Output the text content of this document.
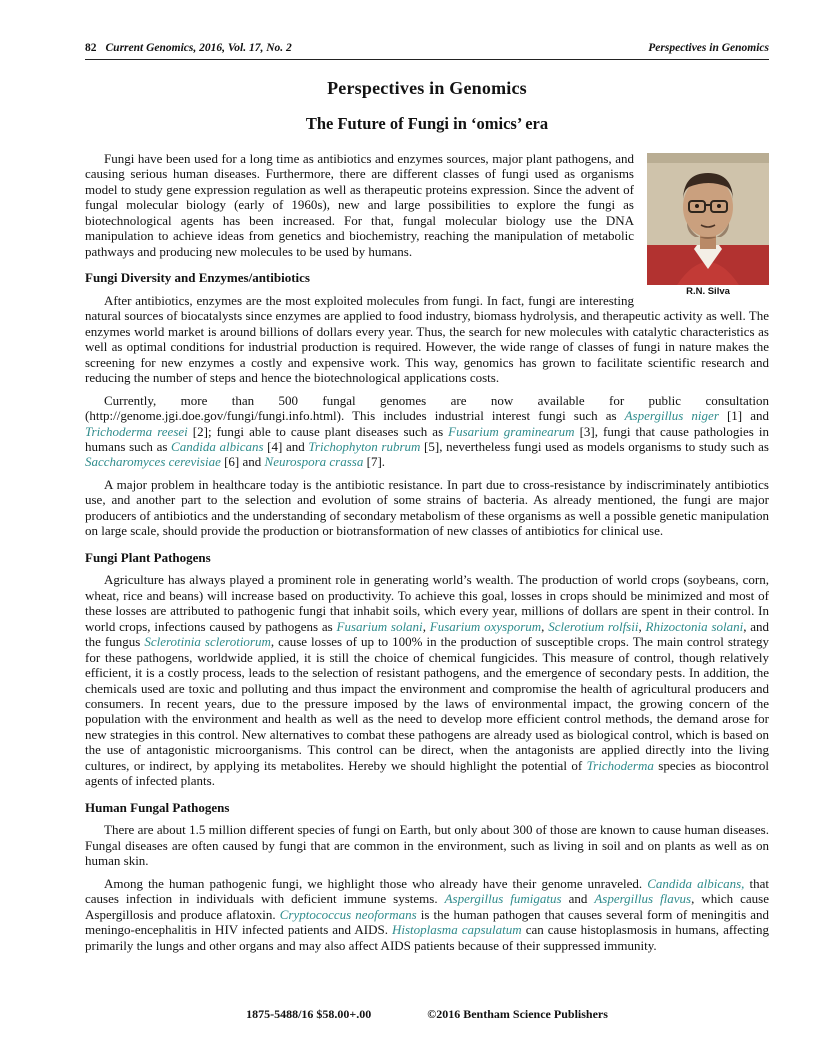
82 Current Genomics, 2016, Vol. 17, No. 2	Perspectives in Genomics
Perspectives in Genomics
The Future of Fungi in ‘omics’ era
R.N. Silva

Fungi have been used for a long time as antibiotics and enzymes sources, major plant pathogens, and causing serious human diseases. Furthermore, there are different classes of fungi used as organisms model to study gene expression regulation as well as therapeutic proteins expression. Since the advent of fungal molecular biology (early of 1960s), new and large possibilities to explore the fungi as biotechnological agents has been increased. For that, fungal molecular biology use the DNA manipulation to achieve ideas from genetics and biochemistry, reaching the manipulation of metabolic pathways and producing new molecules to be used by humans.

Fungi Diversity and Enzymes/antibiotics

After antibiotics, enzymes are the most exploited molecules from fungi. In fact, fungi are interesting natural sources of biocatalysts since enzymes are applied to food industry, biomass hydrolysis, and therapeutic activity as well. The enzymes world market is around billions of dollars every year. Thus, the search for new molecules with catalytic characteristics as well as optimal conditions for industrial production is required. However, the wide range of classes of fungi in nature makes the screening for new enzymes a costly and expensive work. This way, genomics has grown to facilitate scientific research and reducing the number of steps and hence the biotechnological applications costs.

Currently, more than 500 fungal genomes are now available for public consultation (http://genome.jgi.doe.gov/fungi/fungi.info.html). This includes industrial interest fungi such as Aspergillus niger [1] and Trichoderma reesei [2]; fungi able to cause plant diseases such as Fusarium graminearum [3], fungi that cause pathologies in humans such as Candida albicans [4] and Trichophyton rubrum [5], nevertheless fungi used as models organisms to study such as Saccharomyces cerevisiae [6] and Neurospora crassa [7].

A major problem in healthcare today is the antibiotic resistance. In part due to cross-resistance by indiscriminately antibiotics use, and another part to the selection and evolution of some strains of bacteria. As already mentioned, the fungi are major producers of antibiotics and the understanding of secondary metabolism of these organisms as well a possible genetic manipulation on large scale, should provide the production or biotransformation of new classes of antibiotics for clinical use.

Fungi Plant Pathogens

Agriculture has always played a prominent role in generating world’s wealth. The production of world crops (soybeans, corn, wheat, rice and beans) will increase based on productivity. To achieve this goal, losses in crops should be minimized and most of these losses are attributed to pathogenic fungi that inhabit soils, which every year, millions of dollars are spent in their control. In world crops, infections caused by pathogens as Fusarium solani, Fusarium oxysporum, Sclerotium rolfsii, Rhizoctonia solani, and the fungus Sclerotinia sclerotiorum, cause losses of up to 100% in the production of susceptible crops. The main control strategy for these pathogens, worldwide applied, it is still the choice of chemical fungicides. This measure of control, though relatively efficient, it is a costly process, leads to the selection of resistant pathogens, and the emergence of secondary pests. In addition, the chemicals used are toxic and polluting and thus impact the environment and compromise the health of agricultural producers and consumers. In recent years, due to the pressure imposed by the laws of environmental impact, the growing concern of the population with the environment and health as well as the need to develop more efficient control methods, the demand arose for new strategies in this control. New alternatives to combat these pathogens are already used as biological control, which is based on the use of antagonistic microorganisms. This control can be direct, when the antagonists are applied directly into the living cultures, or indirect, by applying its metabolites. Hereby we should highlight the potential of Trichoderma species as biocontrol agents of infected plants.

Human Fungal Pathogens

There are about 1.5 million different species of fungi on Earth, but only about 300 of those are known to cause human diseases. Fungal diseases are often caused by fungi that are common in the environment, such as living in soil and on plants as well as on human skin.

Among the human pathogenic fungi, we highlight those who already have their genome unraveled. Candida albicans, that causes infection in individuals with deficient immune systems. Aspergillus fumigatus and Aspergillus flavus, which cause Aspergillosis and produce aflatoxin. Cryptococcus neoformans is the human pathogen that causes several form of meningitis and meningo-encephalitis in HIV infected patients and AIDS. Histoplasma capsulatum can cause histoplasmosis in humans, affecting primarily the lungs and other organs and may also affect AIDS patients because of their suppressed immunity.

1875-5488/16 $58.00+.00	©2016 Bentham Science Publishers
